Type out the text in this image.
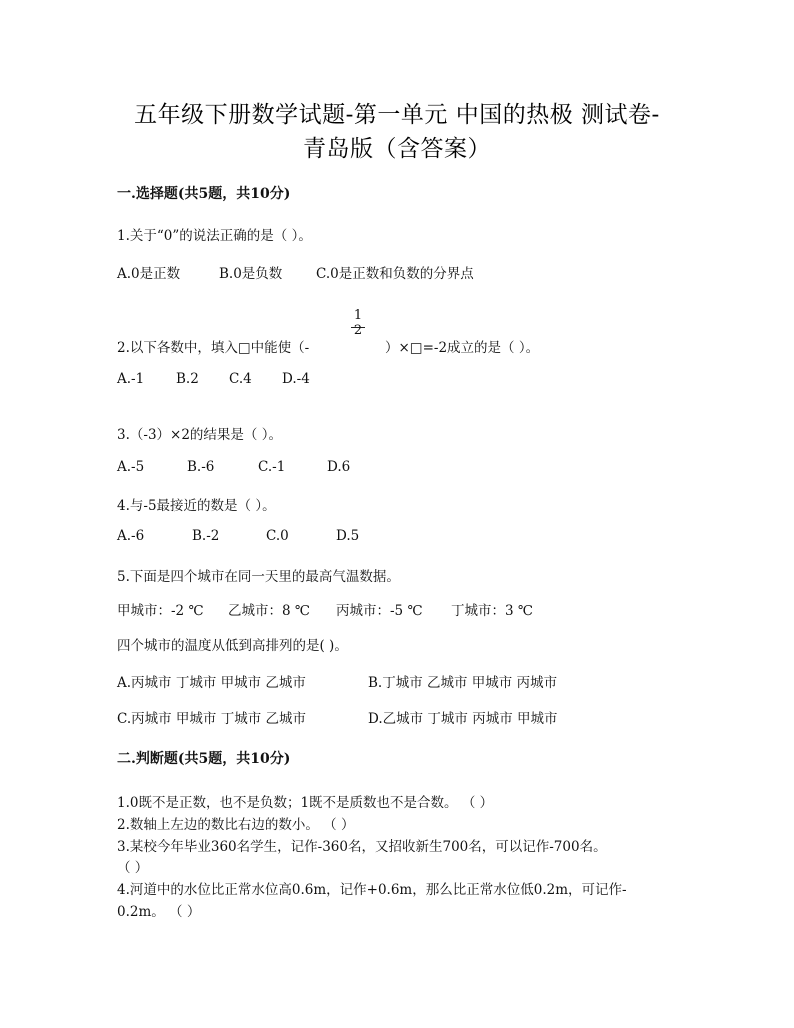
五年级下册数学试题-第一单元 中国的热极 测试卷-
青岛版（含答案）
一.选择题(共5题，共10分)
1.关于“0”的说法正确的是（ ）。
A.0是正数	B.0是负数 C.0是正数和负数的分界点
2.以下各数中，填入□中能使（-
1
2
）×□=-2成立的是（ ）。
A.-1 B.2 C.4 D.-4
3.（-3）×2的结果是（ ）。
A.-5	B.-6	C.-1	D.6
4.与-5最接近的数是（ ）。
A.-6	B.-2	C.0	D.5
5.下面是四个城市在同一天里的最高气温数据。
甲城市：-2 ℃ 乙城市：8 ℃ 丙城市：-5 ℃ 丁城市：3 ℃
四个城市的温度从低到高排列的是( )。
A.丙城市 丁城市 甲城市 乙城市	B.丁城市 乙城市 甲城市 丙城市
C.丙城市 甲城市 丁城市 乙城市	D.乙城市 丁城市 丙城市 甲城市
二.判断题(共5题，共10分)
1.0既不是正数，也不是负数；1既不是质数也不是合数。 （ ）
2.数轴上左边的数比右边的数小。 （ ）
3.某校今年毕业360名学生，记作-360名，又招收新生700名，可以记作-700名。
（ ）
4.河道中的水位比正常水位高0.6m，记作+0.6m，那么比正常水位低0.2m，可记作-
0.2m。 （ ）
